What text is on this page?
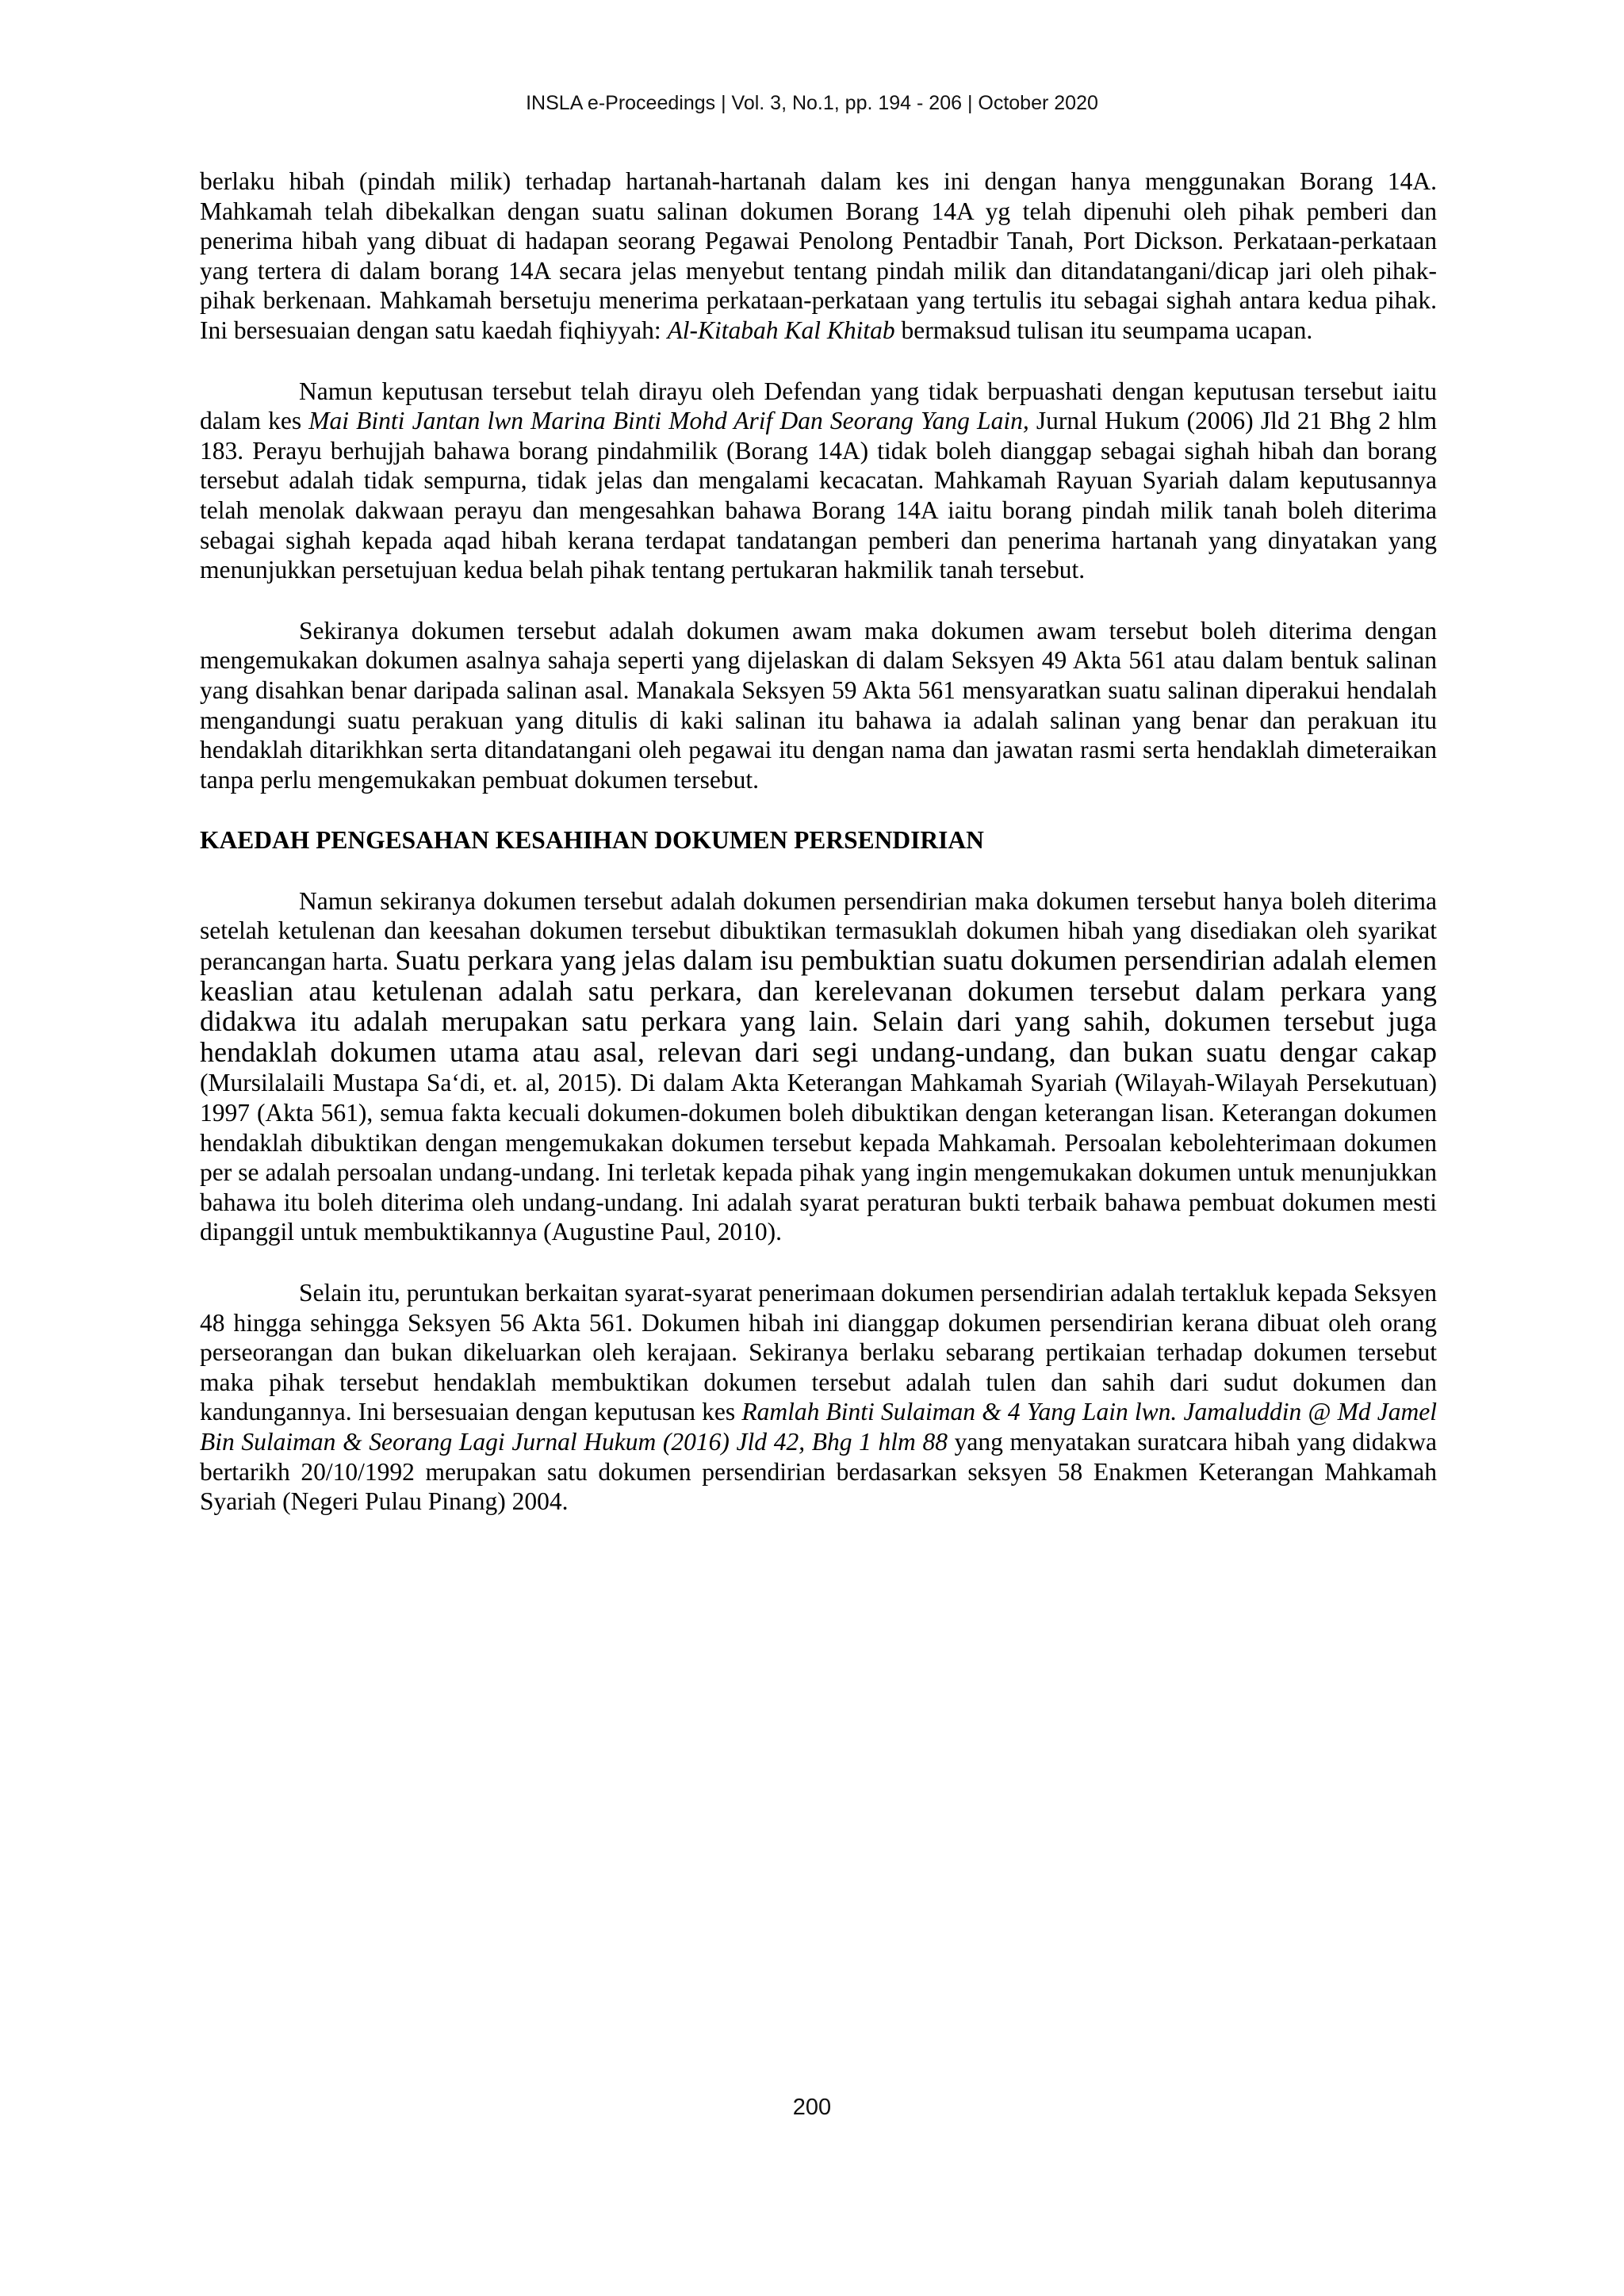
INSLA e-Proceedings | Vol. 3, No.1, pp. 194 - 206 | October 2020

berlaku hibah (pindah milik) terhadap hartanah-hartanah dalam kes ini dengan hanya menggunakan Borang 14A. Mahkamah telah dibekalkan dengan suatu salinan dokumen Borang 14A yg telah dipenuhi oleh pihak pemberi dan penerima hibah yang dibuat di hadapan seorang Pegawai Penolong Pentadbir Tanah, Port Dickson. Perkataan-perkataan yang tertera di dalam borang 14A secara jelas menyebut tentang pindah milik dan ditandatangani/dicap jari oleh pihak-pihak berkenaan. Mahkamah bersetuju menerima perkataan-perkataan yang tertulis itu sebagai sighah antara kedua pihak. Ini bersesuaian dengan satu kaedah fiqhiyyah: Al-Kitabah Kal Khitab bermaksud tulisan itu seumpama ucapan.

Namun keputusan tersebut telah dirayu oleh Defendan yang tidak berpuashati dengan keputusan tersebut iaitu dalam kes Mai Binti Jantan lwn Marina Binti Mohd Arif Dan Seorang Yang Lain, Jurnal Hukum (2006) Jld 21 Bhg 2 hlm 183. Perayu berhujjah bahawa borang pindahmilik (Borang 14A) tidak boleh dianggap sebagai sighah hibah dan borang tersebut adalah tidak sempurna, tidak jelas dan mengalami kecacatan. Mahkamah Rayuan Syariah dalam keputusannya telah menolak dakwaan perayu dan mengesahkan bahawa Borang 14A iaitu borang pindah milik tanah boleh diterima sebagai sighah kepada aqad hibah kerana terdapat tandatangan pemberi dan penerima hartanah yang dinyatakan yang menunjukkan persetujuan kedua belah pihak tentang pertukaran hakmilik tanah tersebut.

Sekiranya dokumen tersebut adalah dokumen awam maka dokumen awam tersebut boleh diterima dengan mengemukakan dokumen asalnya sahaja seperti yang dijelaskan di dalam Seksyen 49 Akta 561 atau dalam bentuk salinan yang disahkan benar daripada salinan asal. Manakala Seksyen 59 Akta 561 mensyaratkan suatu salinan diperakui hendalah mengandungi suatu perakuan yang ditulis di kaki salinan itu bahawa ia adalah salinan yang benar dan perakuan itu hendaklah ditarikhkan serta ditandatangani oleh pegawai itu dengan nama dan jawatan rasmi serta hendaklah dimeteraikan tanpa perlu mengemukakan pembuat dokumen tersebut.

KAEDAH PENGESAHAN KESAHIHAN DOKUMEN PERSENDIRIAN

Namun sekiranya dokumen tersebut adalah dokumen persendirian maka dokumen tersebut hanya boleh diterima setelah ketulenan dan keesahan dokumen tersebut dibuktikan termasuklah dokumen hibah yang disediakan oleh syarikat perancangan harta. Suatu perkara yang jelas dalam isu pembuktian suatu dokumen persendirian adalah elemen keaslian atau ketulenan adalah satu perkara, dan kerelevanan dokumen tersebut dalam perkara yang didakwa itu adalah merupakan satu perkara yang lain. Selain dari yang sahih, dokumen tersebut juga hendaklah dokumen utama atau asal, relevan dari segi undang-undang, dan bukan suatu dengar cakap (Mursilalaili Mustapa Sa‘di, et. al, 2015). Di dalam Akta Keterangan Mahkamah Syariah (Wilayah-Wilayah Persekutuan) 1997 (Akta 561), semua fakta kecuali dokumen-dokumen boleh dibuktikan dengan keterangan lisan. Keterangan dokumen hendaklah dibuktikan dengan mengemukakan dokumen tersebut kepada Mahkamah. Persoalan kebolehterimaan dokumen per se adalah persoalan undang-undang. Ini terletak kepada pihak yang ingin mengemukakan dokumen untuk menunjukkan bahawa itu boleh diterima oleh undang-undang. Ini adalah syarat peraturan bukti terbaik bahawa pembuat dokumen mesti dipanggil untuk membuktikannya (Augustine Paul, 2010).

Selain itu, peruntukan berkaitan syarat-syarat penerimaan dokumen persendirian adalah tertakluk kepada Seksyen 48 hingga sehingga Seksyen 56 Akta 561. Dokumen hibah ini dianggap dokumen persendirian kerana dibuat oleh orang perseorangan dan bukan dikeluarkan oleh kerajaan. Sekiranya berlaku sebarang pertikaian terhadap dokumen tersebut maka pihak tersebut hendaklah membuktikan dokumen tersebut adalah tulen dan sahih dari sudut dokumen dan kandungannya. Ini bersesuaian dengan keputusan kes Ramlah Binti Sulaiman & 4 Yang Lain lwn. Jamaluddin @ Md Jamel Bin Sulaiman & Seorang Lagi Jurnal Hukum (2016) Jld 42, Bhg 1 hlm 88 yang menyatakan suratcara hibah yang didakwa bertarikh 20/10/1992 merupakan satu dokumen persendirian berdasarkan seksyen 58 Enakmen Keterangan Mahkamah Syariah (Negeri Pulau Pinang) 2004.

200
